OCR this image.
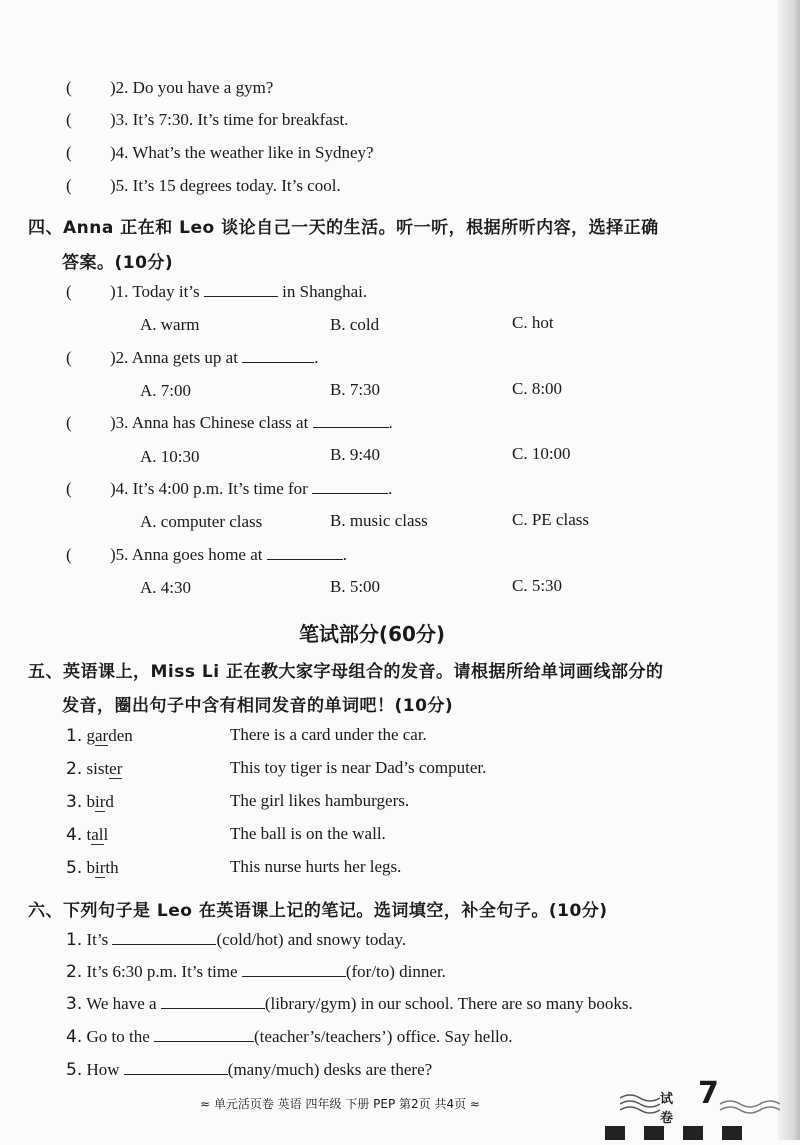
( )2. Do you have a gym?
( )3. It’s 7:30. It’s time for breakfast.
( )4. What’s the weather like in Sydney?
( )5. It’s 15 degrees today. It’s cool.
四、Anna 正在和 Leo 谈论自己一天的生活。听一听，根据所听内容，选择正确
答案。(10分)
( )1. Today it’s	in Shanghai.
A. warm	B. cold	C. hot
( )2. Anna gets up at	.
A. 7:00	B. 7:30	C. 8:00
( )3. Anna has Chinese class at	.
A. 10:30	B. 9:40	C. 10:00
( )4. It’s 4:00 p.m. It’s time for	.
A. computer class	B. music class	C. PE class
( )5. Anna goes home at	.
A. 4:30	B. 5:00	C. 5:30
笔试部分(60分)
五、英语课上，Miss Li 正在教大家字母组合的发音。请根据所给单词画线部分的
发音，圈出句子中含有相同发音的单词吧！(10分)
1. garden	There is a card under the car.
2. sister	This toy tiger is near Dad’s computer.
3. bird	The girl likes hamburgers.
4. tall	The ball is on the wall.
5. birth	This nurse hurts her legs.
六、下列句子是 Leo 在英语课上记的笔记。选词填空，补全句子。(10分)
1. It’s	(cold/hot) and snowy today.
2. It’s 6:30 p.m. It’s time	(for/to) dinner.
3. We have a	(library/gym) in our school. There are so many books.
4. Go to the	(teacher’s/teachers’) office. Say hello.
5. How	(many/much) desks are there?
≈ 单元活页卷 英语 四年级 下册 PEP 第2页 共4页 ≈	试卷
7
